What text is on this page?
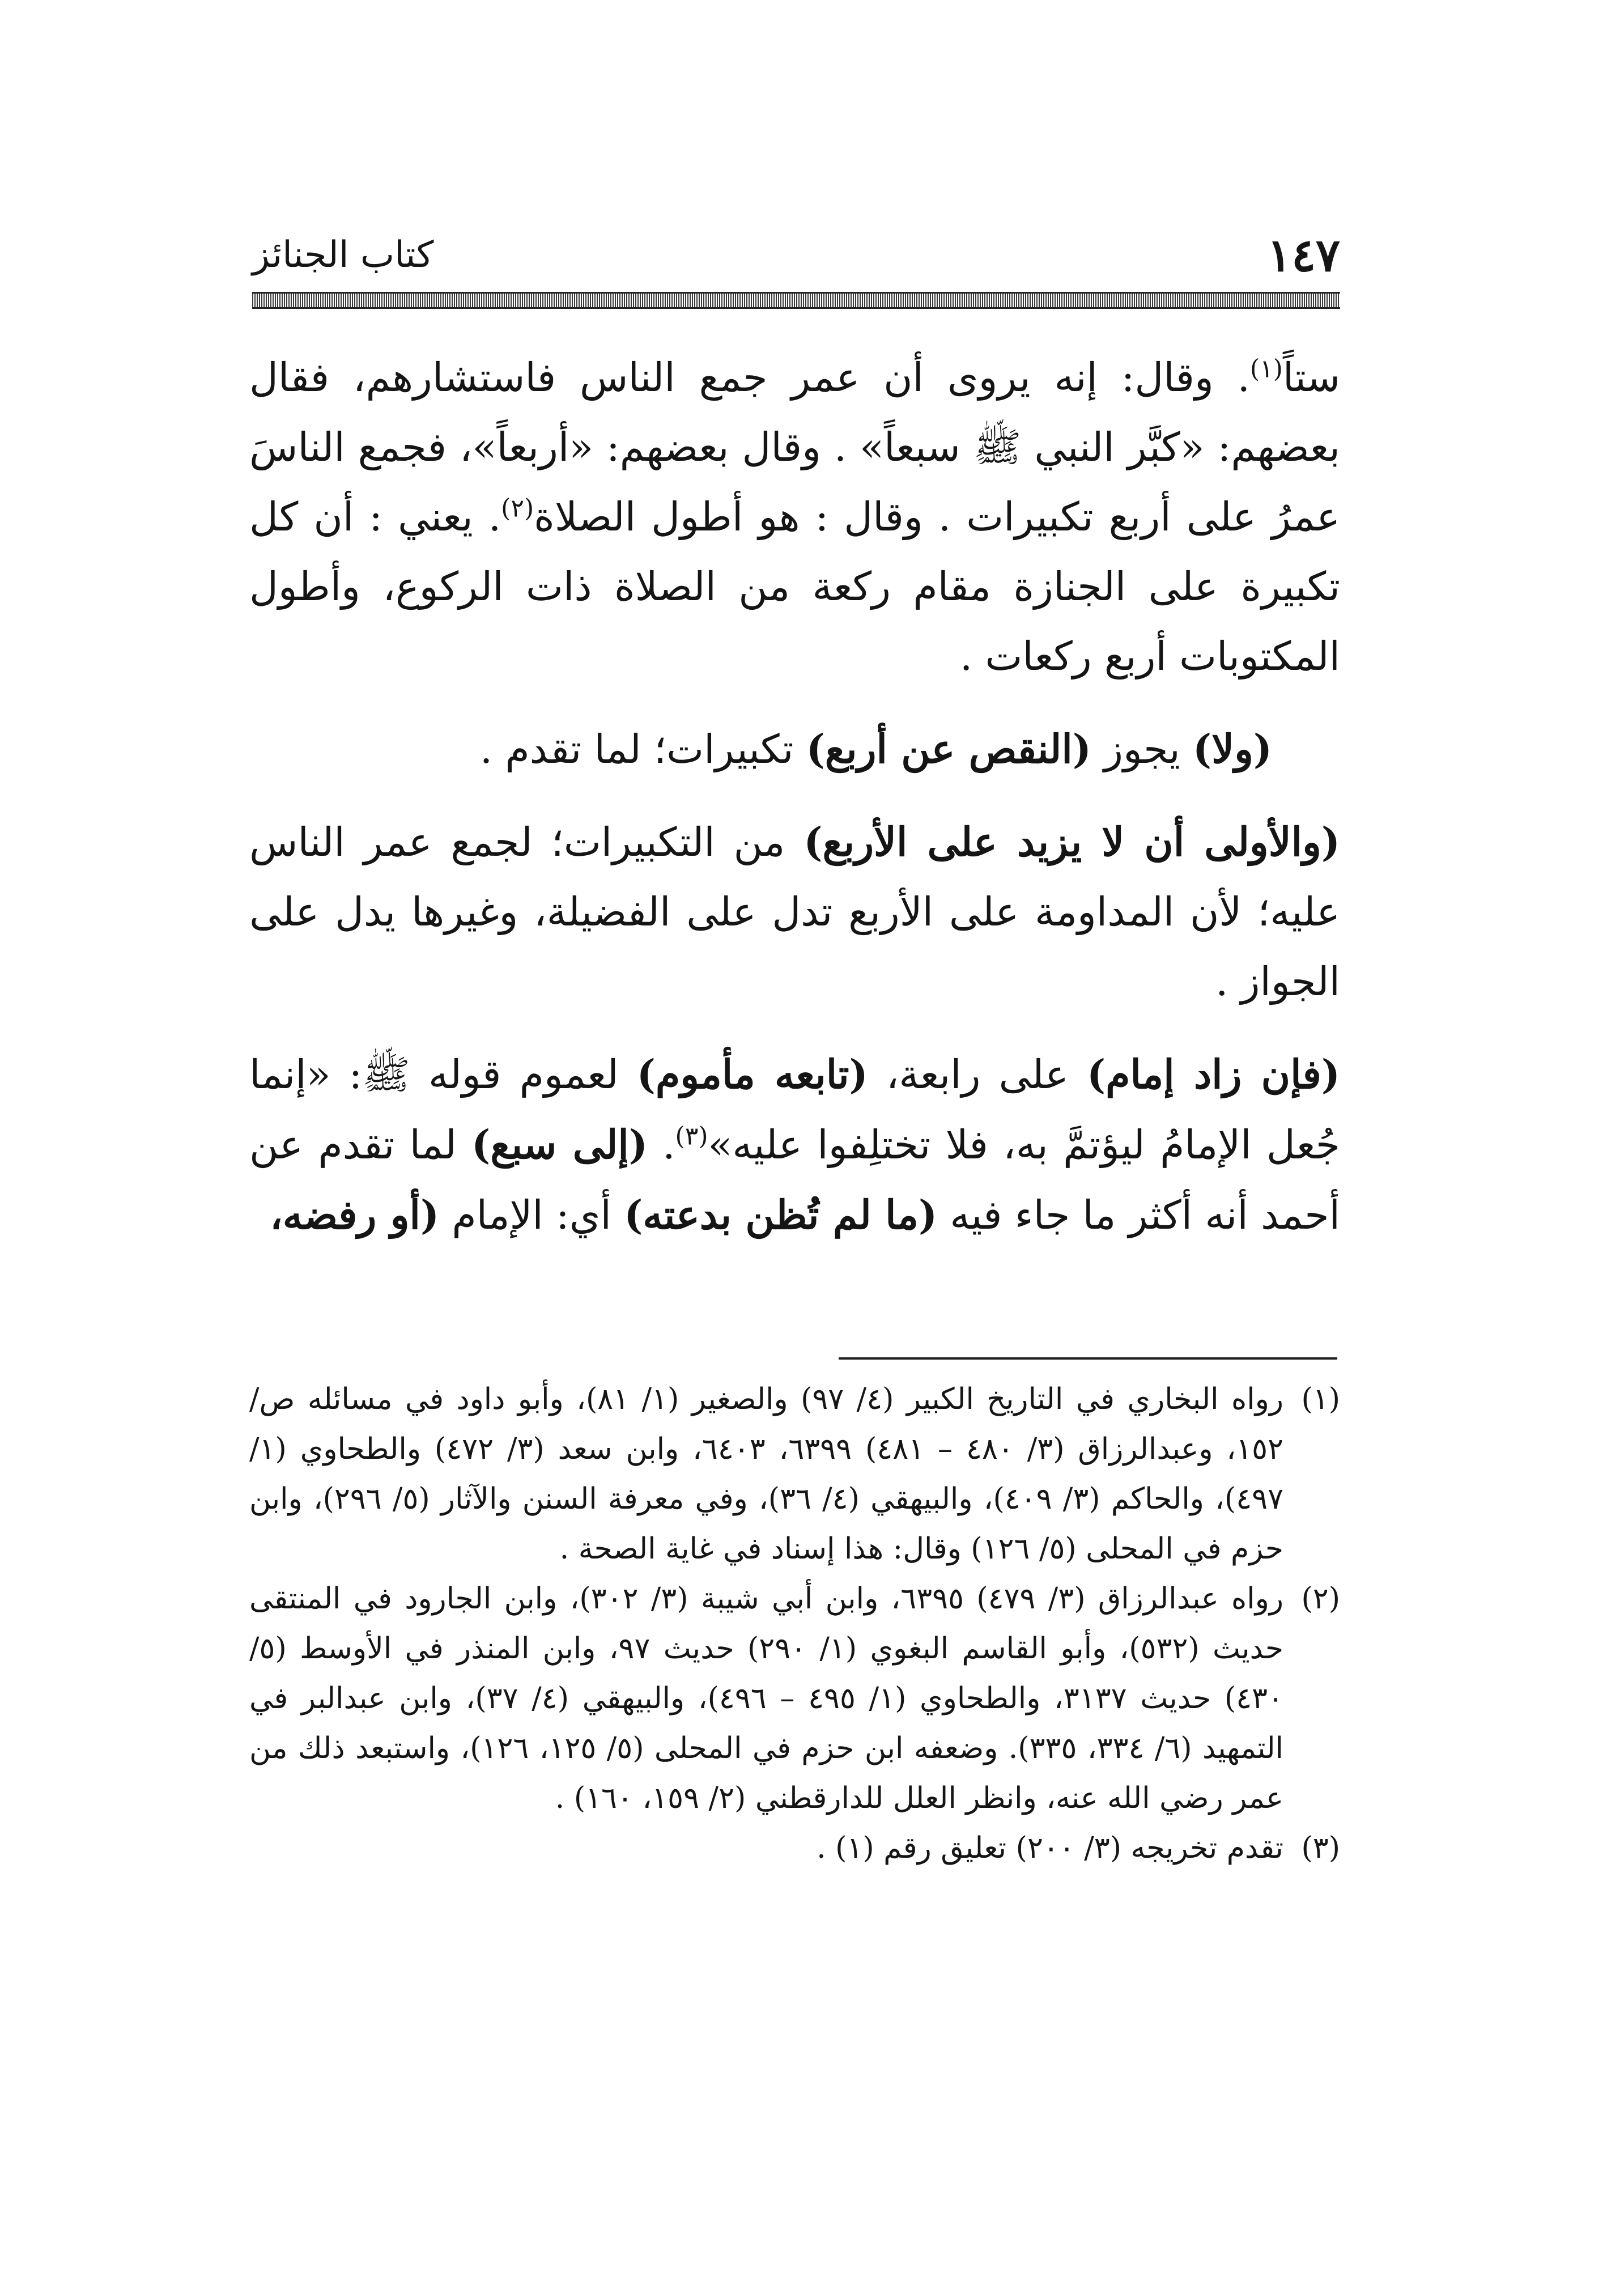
١٤٧
كتاب الجنائز

ستاً$^{(١)}$. وقال: إنه يروى أن عمر جمع الناس فاستشارهم، فقال بعضهم: «كبَّر النبي ﷺ سبعاً» . وقال بعضهم: «أربعاً»، فجمع الناسَ عمرُ على أربع تكبيرات . وقال : هو أطول الصلاة$^{(٢)}$. يعني : أن كل تكبيرة على الجنازة مقام ركعة من الصلاة ذات الركوع، وأطول المكتوبات أربع ركعات .

(ولا) يجوز (النقص عن أربع) تكبيرات؛ لما تقدم .

(والأولى أن لا يزيد على الأربع) من التكبيرات؛ لجمع عمر الناس عليه؛ لأن المداومة على الأربع تدل على الفضيلة، وغيرها يدل على الجواز .

(فإن زاد إمام) على رابعة، (تابعه مأموم) لعموم قوله ﷺ: «إنما جُعل الإمامُ ليؤتمَّ به، فلا تختلِفوا عليه»$^{(٣)}$. (إلى سبع) لما تقدم عن أحمد أنه أكثر ما جاء فيه (ما لم تُظن بدعته) أي: الإمام (أو رفضه،

(١)
رواه البخاري في التاريخ الكبير (٤/ ٩٧) والصغير (١/ ٨١)، وأبو داود في مسائله ص/ ١٥٢، وعبدالرزاق (٣/ ٤٨٠ – ٤٨١) ٦٣٩٩، ٦٤٠٣، وابن سعد (٣/ ٤٧٢) والطحاوي (١/ ٤٩٧)، والحاكم (٣/ ٤٠٩)، والبيهقي (٤/ ٣٦)، وفي معرفة السنن والآثار (٥/ ٢٩٦)، وابن حزم في المحلى (٥/ ١٢٦) وقال: هذا إسناد في غاية الصحة .
(٢)
رواه عبدالرزاق (٣/ ٤٧٩) ٦٣٩٥، وابن أبي شيبة (٣/ ٣٠٢)، وابن الجارود في المنتقى حديث (٥٣٢)، وأبو القاسم البغوي (١/ ٢٩٠) حديث ٩٧، وابن المنذر في الأوسط (٥/ ٤٣٠) حديث ٣١٣٧، والطحاوي (١/ ٤٩٥ – ٤٩٦)، والبيهقي (٤/ ٣٧)، وابن عبدالبر في التمهيد (٦/ ٣٣٤، ٣٣٥). وضعفه ابن حزم في المحلى (٥/ ١٢٥، ١٢٦)، واستبعد ذلك من عمر رضي الله عنه، وانظر العلل للدارقطني (٢/ ١٥٩، ١٦٠) .
(٣)
تقدم تخريجه (٣/ ٢٠٠) تعليق رقم (١) .
